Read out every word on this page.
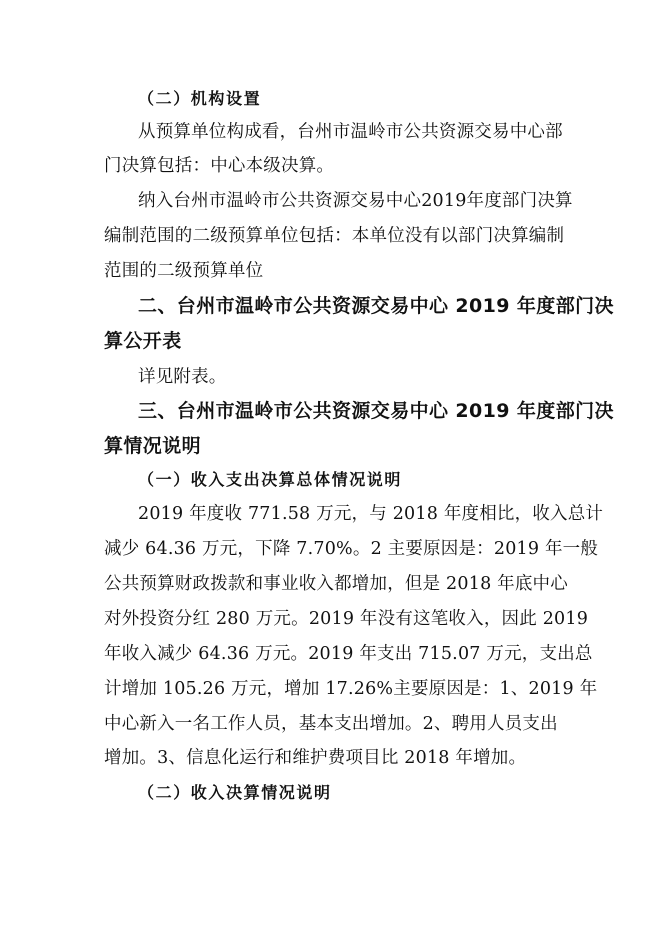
（二）机构设置
从预算单位构成看，台州市温岭市公共资源交易中心部
门决算包括：中心本级决算。
纳入台州市温岭市公共资源交易中心2019年度部门决算
编制范围的二级预算单位包括：本单位没有以部门决算编制
范围的二级预算单位
二、台州市温岭市公共资源交易中心 2019 年度部门决
算公开表
详见附表。
三、台州市温岭市公共资源交易中心 2019 年度部门决
算情况说明
（一）收入支出决算总体情况说明
2019 年度收 771.58 万元，与 2018 年度相比，收入总计
减少 64.36 万元，下降 7.70%。2 主要原因是：2019 年一般
公共预算财政拨款和事业收入都增加，但是 2018 年底中心
对外投资分红 280 万元。2019 年没有这笔收入，因此 2019
年收入减少 64.36 万元。2019 年支出 715.07 万元，支出总
计增加 105.26 万元，增加 17.26%主要原因是：1、2019 年
中心新入一名工作人员，基本支出增加。2、聘用人员支出
增加。3、信息化运行和维护费项目比 2018 年增加。
（二）收入决算情况说明
